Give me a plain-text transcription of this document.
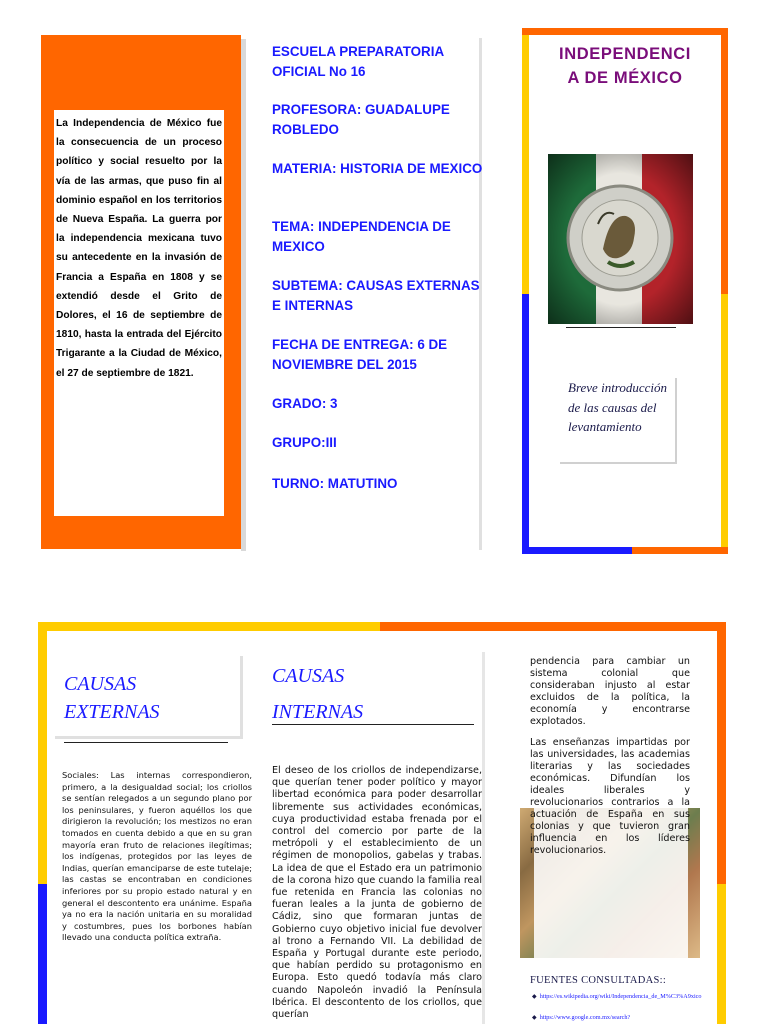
La Independencia de México fue la consecuencia de un proceso político y social resuelto por la vía de las armas, que puso fin al dominio español en los territorios de Nueva España. La guerra por la independencia mexicana tuvo su antecedente en la invasión de Francia a España en 1808 y se extendió desde el Grito de Dolores, el 16 de septiembre de 1810, hasta la entrada del Ejército Trigarante a la Ciudad de México, el 27 de septiembre de 1821.

ESCUELA PREPARATORIA OFICIAL No 16
PROFESORA: GUADALUPE ROBLEDO
MATERIA: HISTORIA DE MEXICO
TEMA: INDEPENDENCIA DE MEXICO
SUBTEMA: CAUSAS EXTERNAS E INTERNAS
FECHA DE ENTREGA: 6 DE NOVIEMBRE DEL 2015
GRADO: 3
GRUPO:III
TURNO: MATUTINO
INDEPENDENCI
A DE MÉXICO

Breve introducción de las causas del levantamiento

CAUSAS
EXTERNAS

Sociales: Las internas correspondieron, primero, a la desigualdad social; los criollos se sentían relegados a un segundo plano por los peninsulares, y fueron aquéllos los que dirigieron la revolución; los mestizos no eran tomados en cuenta debido a que en su gran mayoría eran fruto de relaciones ilegítimas; los indígenas, protegidos por las leyes de Indias, querían emanciparse de este tutelaje; las castas se encontraban en condiciones inferiores por su propio estado natural y en general el descontento era unánime. España ya no era la nación unitaria en su moralidad y costumbres, pues los borbones habían llevado una conducta política extraña.

CAUSAS
INTERNAS

El deseo de los criollos de independizarse, que querían tener poder político y mayor libertad económica para poder desarrollar libremente sus actividades económicas, cuya productividad estaba frenada por el control del comercio por parte de la metrópoli y el establecimiento de un régimen de monopolios, gabelas y trabas. La idea de que el Estado era un patrimonio de la corona hizo que cuando la familia real fue retenida en Francia las colonias no fueran leales a la junta de gobierno de Cádiz, sino que formaran juntas de Gobierno cuyo objetivo inicial fue devolver al trono a Fernando VII. La debilidad de España y Portugal durante este periodo, que habían perdido su protagonismo en Europa. Esto quedó todavía más claro cuando Napoleón invadió la Península Ibérica. El descontento de los criollos, que querían

pendencia para cambiar un sistema colonial que consideraban injusto al estar excluidos de la política, la economía y encontrarse explotados.

Las enseñanzas impartidas por las universidades, las academias literarias y las sociedades económicas. Difundían los ideales liberales y revolucionarios contrarios a la actuación de España en sus colonias y que tuvieron gran influencia en los líderes revolucionarios.

FUENTES CONSULTADAS::
◆ https://es.wikipedia.org/wiki/Independencia_de_M%C3%A9xico
◆ https://www.google.com.mx/search?
